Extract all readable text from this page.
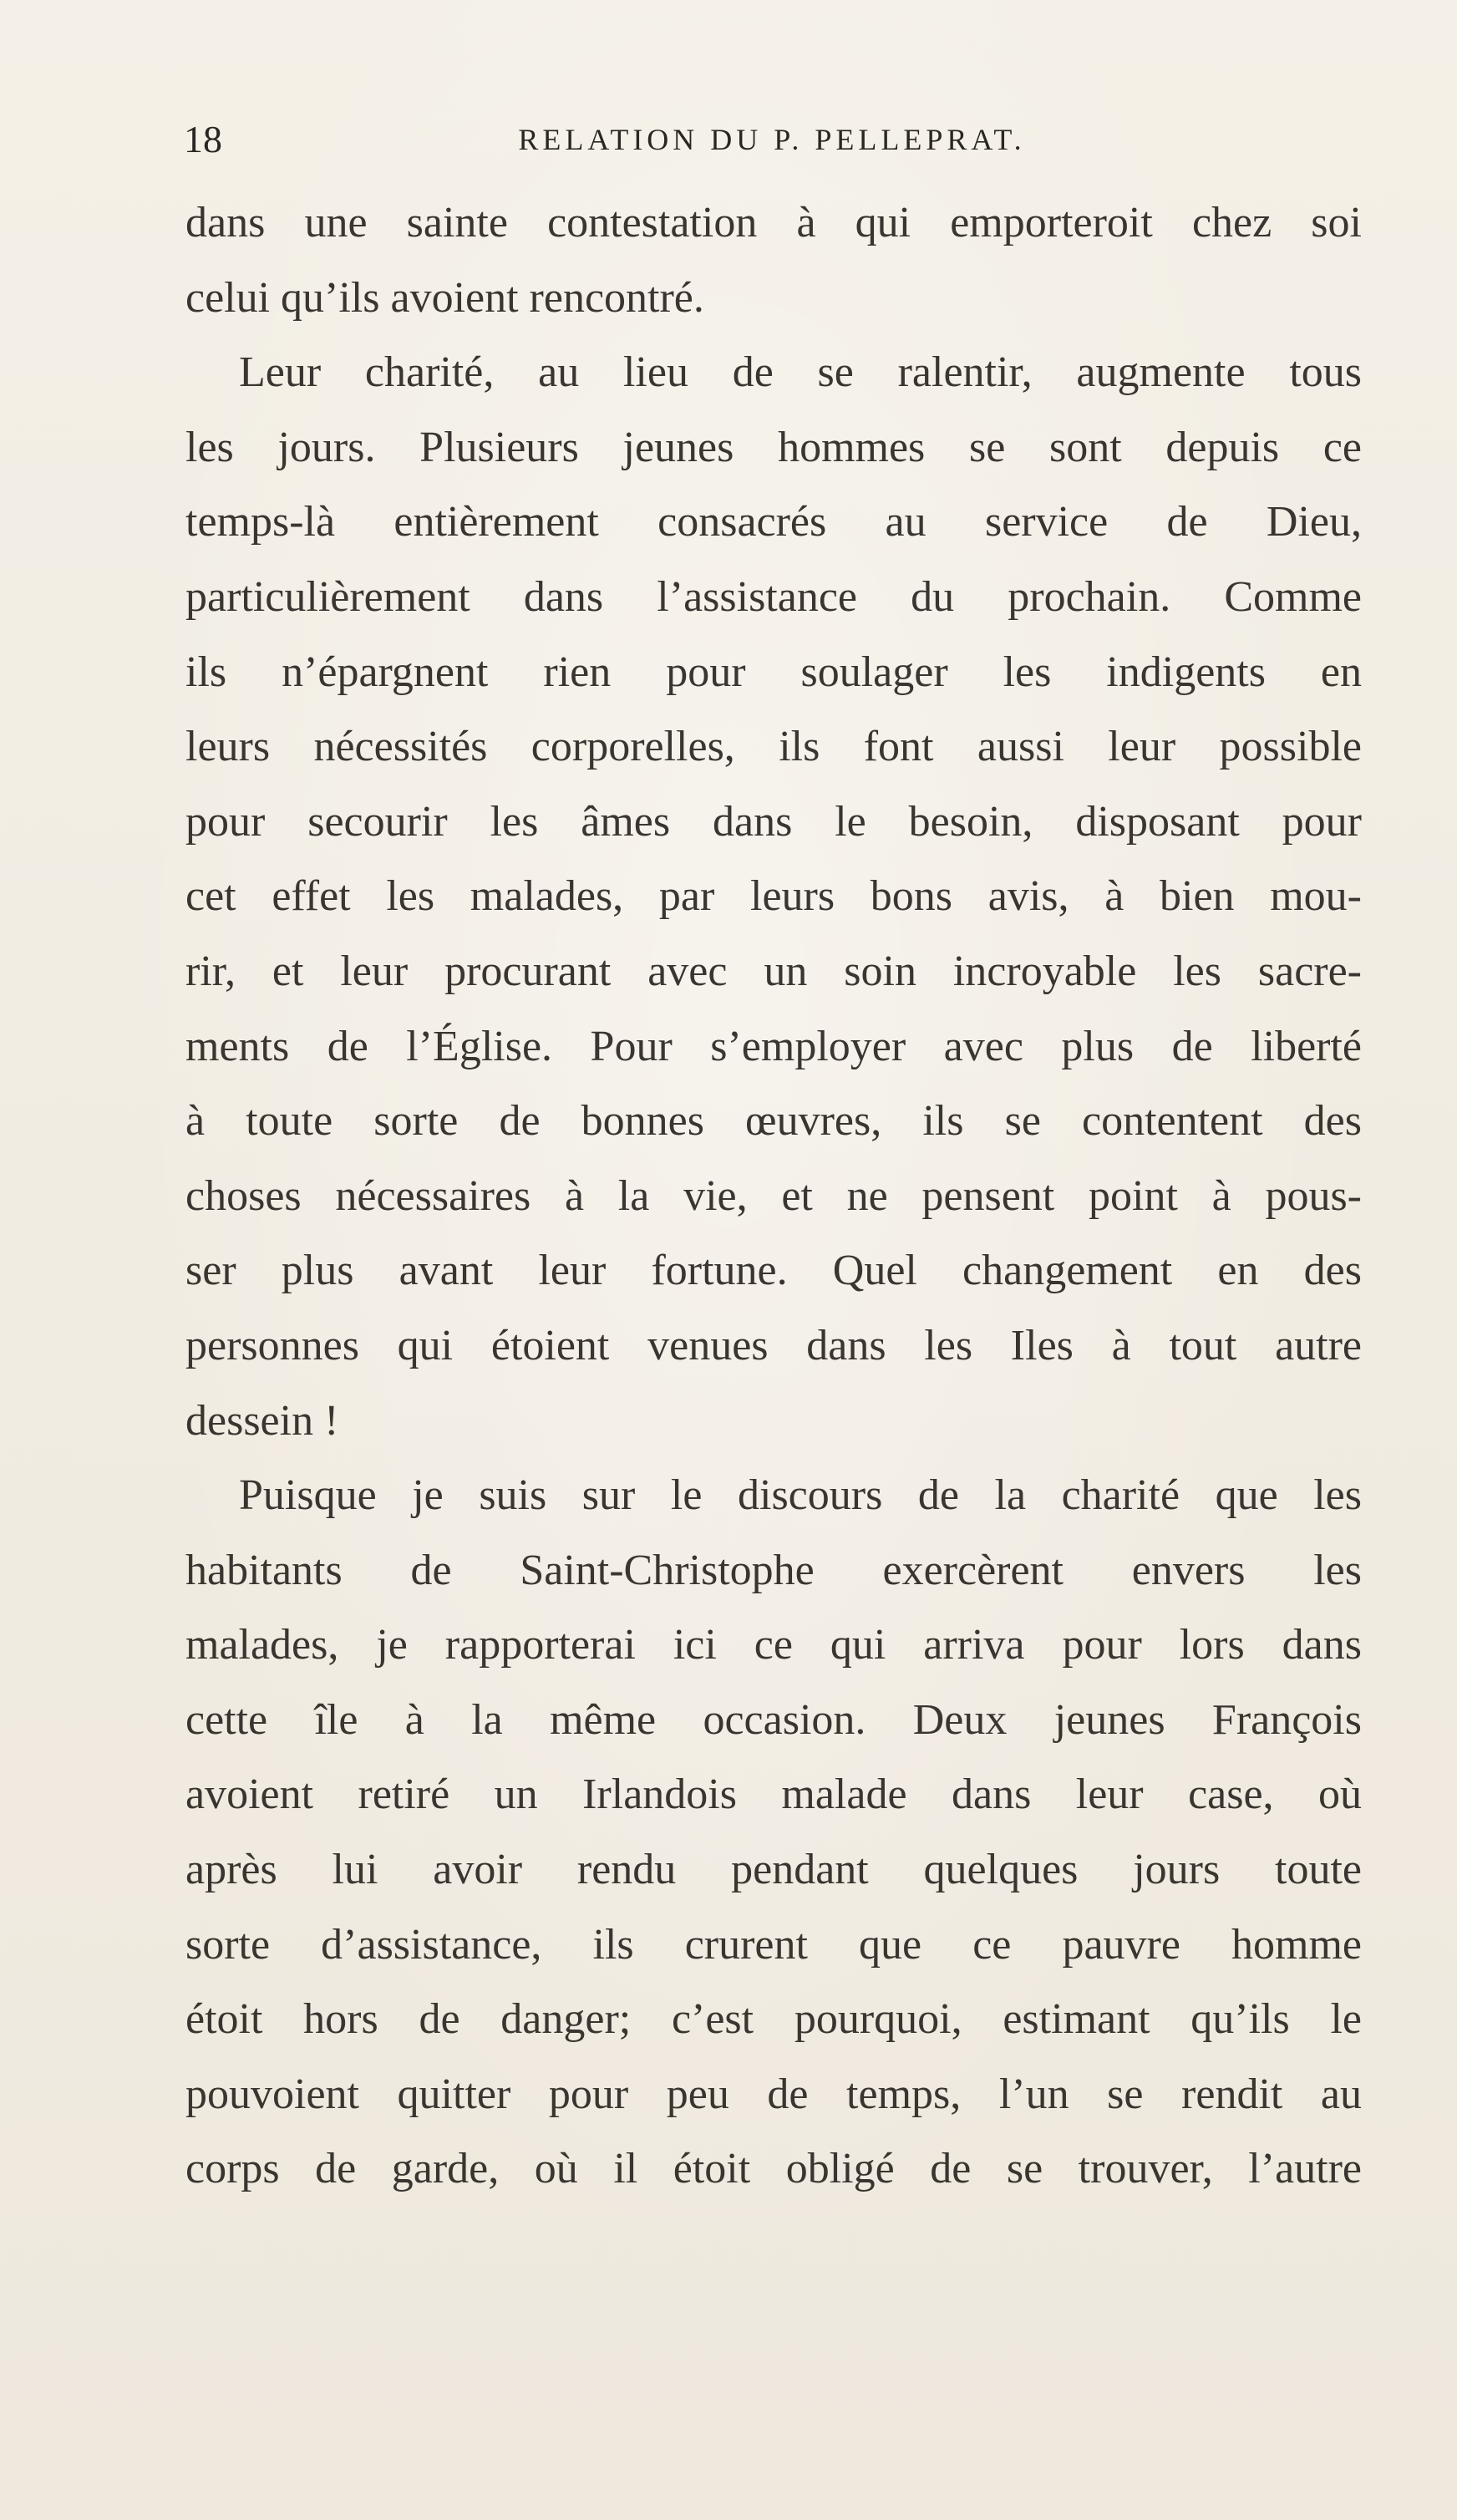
18	RELATION DU P. PELLEPRAT.
dans une sainte contestation à qui emporteroit chez soi
celui qu’ils avoient rencontré.
Leur charité, au lieu de se ralentir, augmente tous
les jours. Plusieurs jeunes hommes se sont depuis ce
temps-là entièrement consacrés au service de Dieu,
particulièrement dans l’assistance du prochain. Comme
ils n’épargnent rien pour soulager les indigents en
leurs nécessités corporelles, ils font aussi leur possible
pour secourir les âmes dans le besoin, disposant pour
cet effet les malades, par leurs bons avis, à bien mou-
rir, et leur procurant avec un soin incroyable les sacre-
ments de l’Église. Pour s’employer avec plus de liberté
à toute sorte de bonnes œuvres, ils se contentent des
choses nécessaires à la vie, et ne pensent point à pous-
ser plus avant leur fortune. Quel changement en des
personnes qui étoient venues dans les Iles à tout autre
dessein !
Puisque je suis sur le discours de la charité que les
habitants de Saint-Christophe exercèrent envers les
malades, je rapporterai ici ce qui arriva pour lors dans
cette île à la même occasion. Deux jeunes François
avoient retiré un Irlandois malade dans leur case, où
après lui avoir rendu pendant quelques jours toute
sorte d’assistance, ils crurent que ce pauvre homme
étoit hors de danger; c’est pourquoi, estimant qu’ils le
pouvoient quitter pour peu de temps, l’un se rendit au
corps de garde, où il étoit obligé de se trouver, l’autre
